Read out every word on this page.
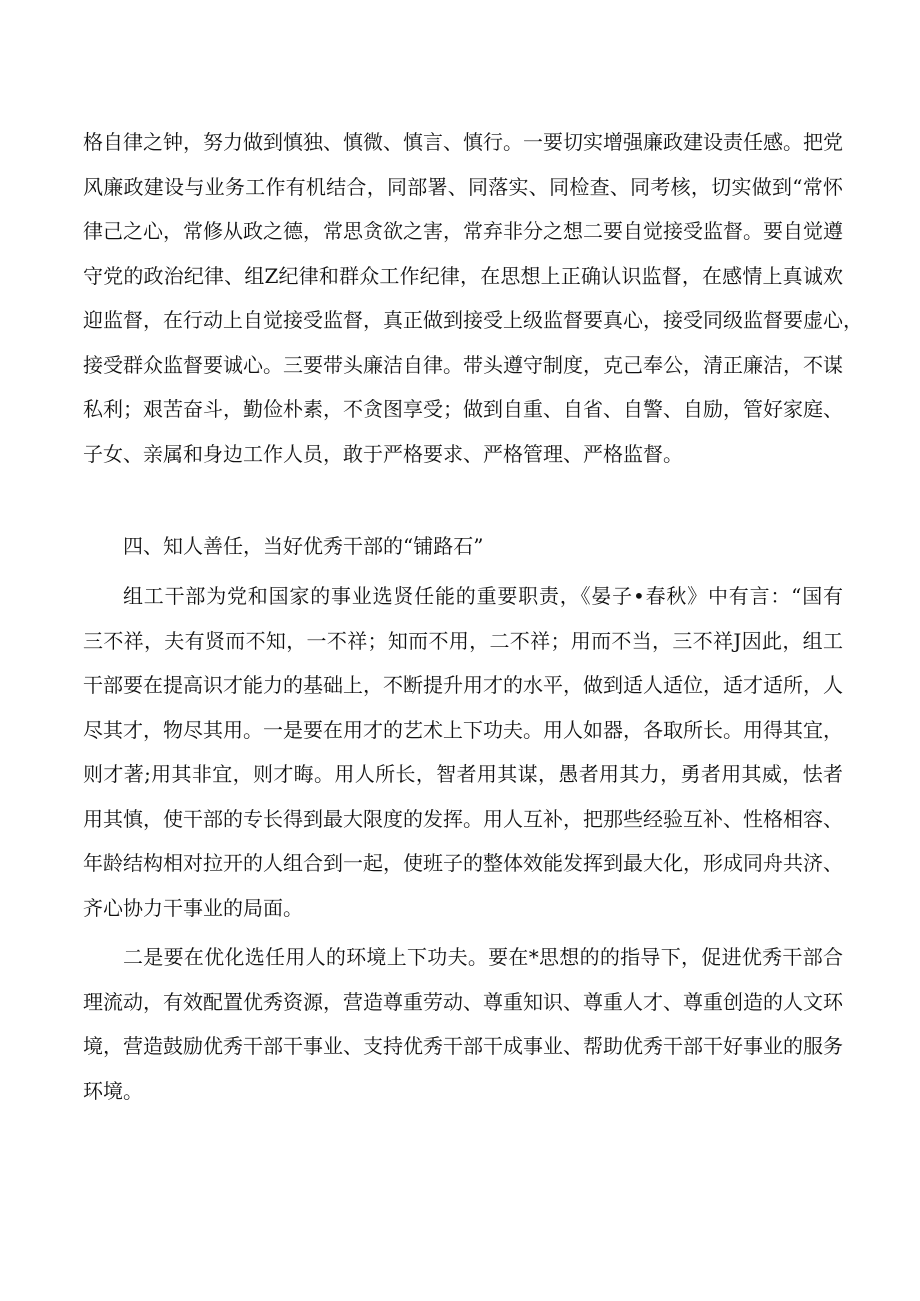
格自律之钟，努力做到慎独、慎微、慎言、慎行。一要切实增强廉政建设责任感。把党
风廉政建设与业务工作有机结合，同部署、同落实、同检查、同考核，切实做到“常怀
律己之心，常修从政之德，常思贪欲之害，常弃非分之想二要自觉接受监督。要自觉遵
守党的政治纪律、组Z纪律和群众工作纪律，在思想上正确认识监督，在感情上真诚欢
迎监督，在行动上自觉接受监督，真正做到接受上级监督要真心，接受同级监督要虚心，
接受群众监督要诚心。三要带头廉洁自律。带头遵守制度，克己奉公，清正廉洁，不谋
私利；艰苦奋斗，勤俭朴素，不贪图享受；做到自重、自省、自警、自励，管好家庭、
子女、亲属和身边工作人员，敢于严格要求、严格管理、严格监督。
四、知人善任，当好优秀干部的“铺路石”
组工干部为党和国家的事业选贤任能的重要职责，《晏子•春秋》中有言：“国有
三不祥，夫有贤而不知，一不祥；知而不用，二不祥；用而不当，三不祥J因此，组工
干部要在提高识才能力的基础上，不断提升用才的水平，做到适人适位，适才适所，人
尽其才，物尽其用。一是要在用才的艺术上下功夫。用人如器，各取所长。用得其宜，
则才著;用其非宜，则才晦。用人所长，智者用其谋，愚者用其力，勇者用其威，怯者
用其慎，使干部的专长得到最大限度的发挥。用人互补，把那些经验互补、性格相容、
年龄结构相对拉开的人组合到一起，使班子的整体效能发挥到最大化，形成同舟共济、
齐心协力干事业的局面。
二是要在优化选任用人的环境上下功夫。要在*思想的的指导下，促进优秀干部合
理流动，有效配置优秀资源，营造尊重劳动、尊重知识、尊重人才、尊重创造的人文环
境，营造鼓励优秀干部干事业、支持优秀干部干成事业、帮助优秀干部干好事业的服务
环境。
